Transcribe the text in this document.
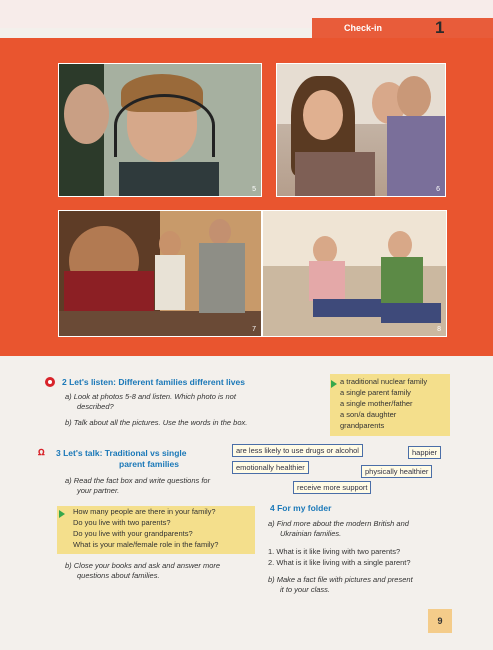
Check-in	1
5	6
7	8
2 Let's listen: Different families different lives
a) Look at photos 5-8 and listen. Which photo is not
described?
b) Talk about all the pictures. Use the words in the box.
a traditional nuclear family
a single parent family
a single mother/father
a son/a daughter
grandparents
ꭥ 3 Let's talk: Traditional vs single
parent families
a) Read the fact box and write questions for
your partner.
are less likely to use drugs or alcohol	happier
emotionally healthier	physically healthier
receive more support
How many people are there in your family?
Do you live with two parents?
Do you live with your grandparents?
What is your male/female role in the family?
b) Close your books and ask and answer more
questions about families.
4 For my folder
a) Find more about the modern British and
Ukrainian families.
1. What is it like living with two parents?
2. What is it like living with a single parent?
b) Make a fact file with pictures and present
it to your class.
9
